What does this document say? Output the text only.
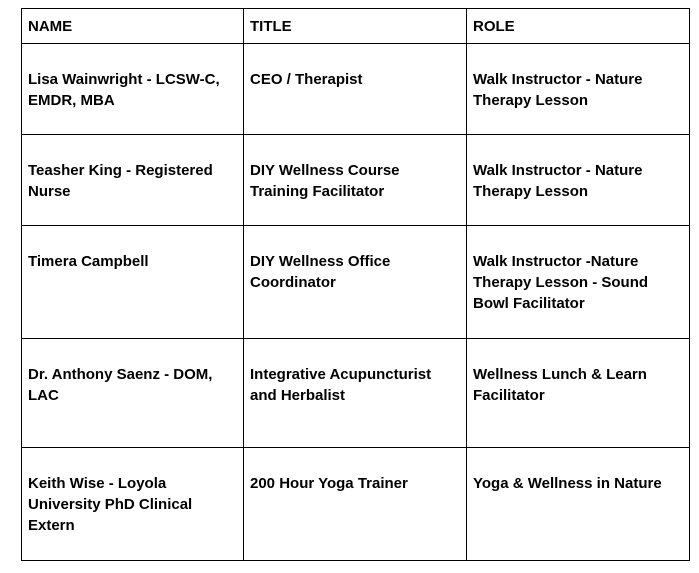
NAME	TITLE	ROLE
Lisa Wainwright - LCSW-C, EMDR, MBA	CEO / Therapist	Walk Instructor - Nature Therapy Lesson
Teasher King - Registered Nurse	DIY Wellness Course Training Facilitator	Walk Instructor - Nature Therapy Lesson
Timera Campbell	DIY Wellness Office Coordinator	Walk Instructor -Nature Therapy Lesson - Sound Bowl Facilitator
Dr. Anthony Saenz - DOM, LAC	Integrative Acupuncturist and Herbalist	Wellness Lunch & Learn Facilitator
Keith Wise - Loyola University PhD Clinical Extern	200 Hour Yoga Trainer	Yoga & Wellness in Nature
